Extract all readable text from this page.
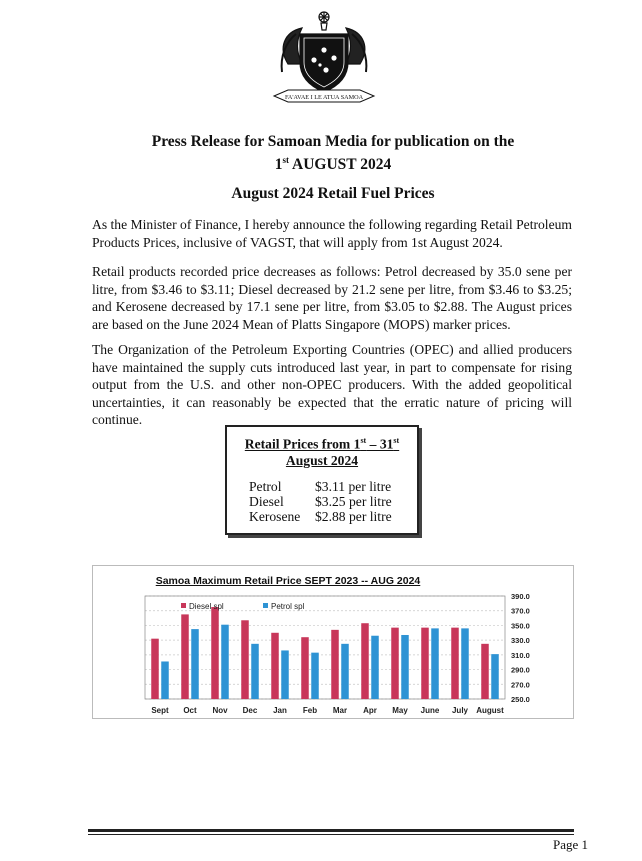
FA'AVAE I LE ATUA SAMOA
Press Release for Samoan Media for publication on the
1st AUGUST 2024
August 2024 Retail Fuel Prices

As the Minister of Finance, I hereby announce the following regarding Retail Petroleum Products Prices, inclusive of VAGST, that will apply from 1st August 2024.

Retail products recorded price decreases as follows: Petrol decreased by 35.0 sene per litre, from $3.46 to $3.11; Diesel decreased by 21.2 sene per litre, from $3.46 to $3.25; and Kerosene decreased by 17.1 sene per litre, from $3.05 to $2.88. The August prices are based on the June 2024 Mean of Platts Singapore (MOPS) marker prices.

The Organization of the Petroleum Exporting Countries (OPEC) and allied producers have maintained the supply cuts introduced last year, in part to compensate for rising output from the U.S. and other non-OPEC producers. With the added geopolitical uncertainties, it can reasonably be expected that the erratic nature of pricing will continue.

Retail Prices from 1st – 31st
August 2024
Petrol	$3.11 per litre
Diesel	$3.25 per litre
Kerosene	$2.88 per litre
Samoa Maximum Retail Price SEPT 2023 -- AUG 2024
390.0
370.0
350.0
330.0
310.0
290.0
270.0
250.0
Sept Oct Nov Dec Jan Feb Mar Apr May June July August
Diesel spl	Petrol spl
Page 1
